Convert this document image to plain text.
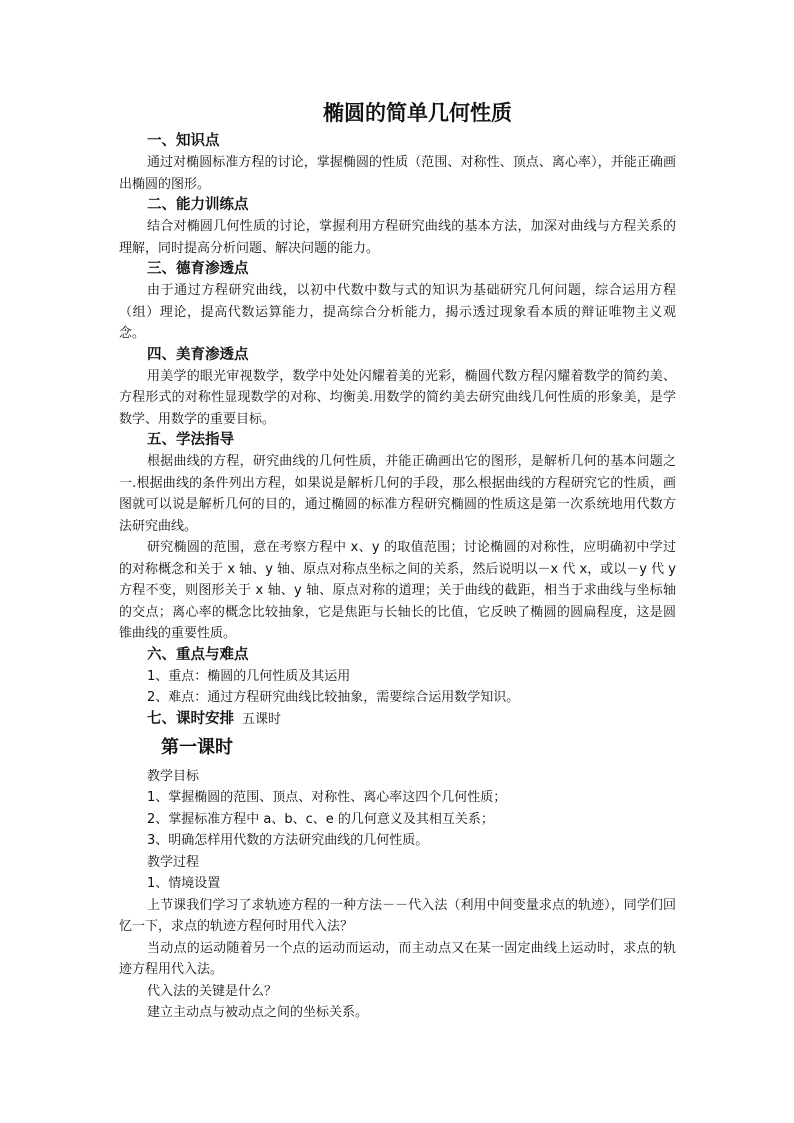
椭圆的简单几何性质
一、知识点

通过对椭圆标准方程的讨论，掌握椭圆的性质（范围、对称性、顶点、离心率），并能正确画出椭圆的图形。

二、能力训练点

结合对椭圆几何性质的讨论，掌握利用方程研究曲线的基本方法，加深对曲线与方程关系的理解，同时提高分析问题、解决问题的能力。

三、德育渗透点

由于通过方程研究曲线，以初中代数中数与式的知识为基础研究几何问题，综合运用方程（组）理论，提高代数运算能力，提高综合分析能力，揭示透过现象看本质的辩证唯物主义观念。

四、美育渗透点

用美学的眼光审视数学，数学中处处闪耀着美的光彩，椭圆代数方程闪耀着数学的简约美、方程形式的对称性显现数学的对称、均衡美.用数学的简约美去研究曲线几何性质的形象美，是学数学、用数学的重要目标。

五、学法指导

根据曲线的方程，研究曲线的几何性质，并能正确画出它的图形，是解析几何的基本问题之一.根据曲线的条件列出方程，如果说是解析几何的手段，那么根据曲线的方程研究它的性质，画图就可以说是解析几何的目的，通过椭圆的标准方程研究椭圆的性质这是第一次系统地用代数方法研究曲线。

研究椭圆的范围，意在考察方程中 x、y 的取值范围；讨论椭圆的对称性，应明确初中学过的对称概念和关于 x 轴、y 轴、原点对称点坐标之间的关系，然后说明以－x 代 x，或以－y 代 y 方程不变，则图形关于 x 轴、y 轴、原点对称的道理；关于曲线的截距，相当于求曲线与坐标轴的交点；离心率的概念比较抽象，它是焦距与长轴长的比值，它反映了椭圆的圆扁程度，这是圆锥曲线的重要性质。

六、重点与难点

1、重点：椭圆的几何性质及其运用

2、难点：通过方程研究曲线比较抽象，需要综合运用数学知识。

七、课时安排 五课时
第一课时

教学目标

1、掌握椭圆的范围、顶点、对称性、离心率这四个几何性质；

2、掌握标准方程中 a、b、c、e 的几何意义及其相互关系；

3、明确怎样用代数的方法研究曲线的几何性质。

教学过程

1、情境设置

上节课我们学习了求轨迹方程的一种方法－－代入法（利用中间变量求点的轨迹），同学们回忆一下，求点的轨迹方程何时用代入法？

当动点的运动随着另一个点的运动而运动，而主动点又在某一固定曲线上运动时，求点的轨迹方程用代入法。

代入法的关键是什么？

建立主动点与被动点之间的坐标关系。
